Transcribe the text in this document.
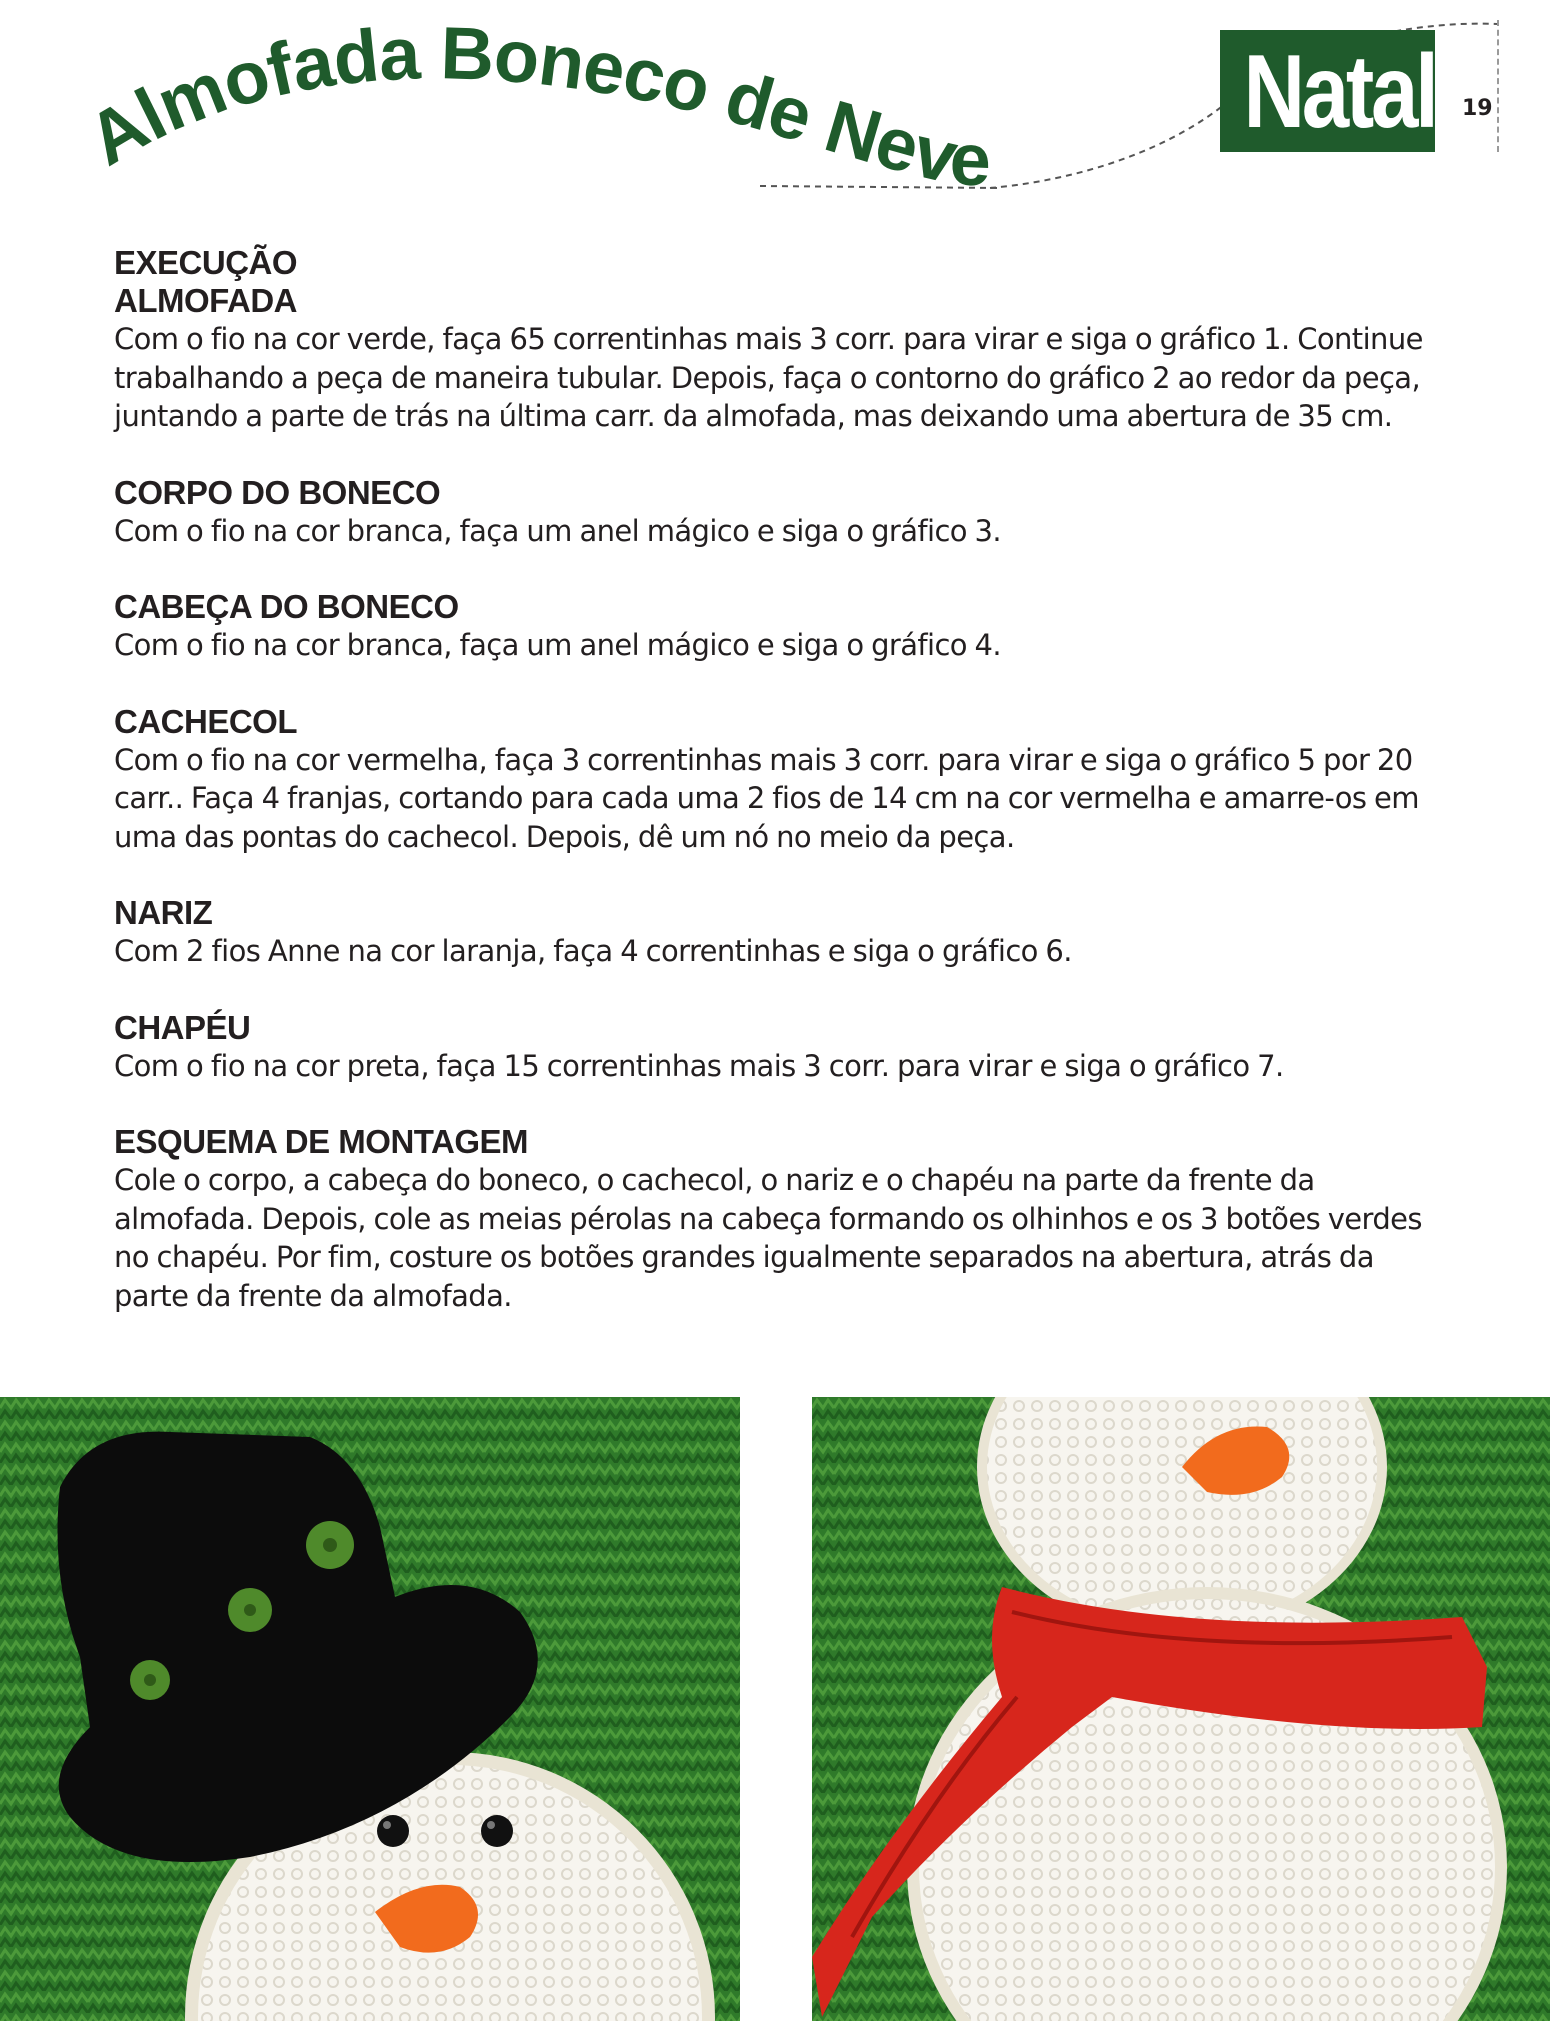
Almofada Boneco de Neve
Natal 19

EXECUÇÃO

ALMOFADA

Com o fio na cor verde, faça 65 correntinhas mais 3 corr. para virar e siga o gráfico 1. Continue trabalhando a peça de maneira tubular. Depois, faça o contorno do gráfico 2 ao redor da peça, juntando a parte de trás na última carr. da almofada, mas deixando uma abertura de 35 cm.

CORPO DO BONECO

Com o fio na cor branca, faça um anel mágico e siga o gráfico 3.

CABEÇA DO BONECO

Com o fio na cor branca, faça um anel mágico e siga o gráfico 4.

CACHECOL

Com o fio na cor vermelha, faça 3 correntinhas mais 3 corr. para virar e siga o gráfico 5 por 20 carr.. Faça 4 franjas, cortando para cada uma 2 fios de 14 cm na cor vermelha e amarre-os em uma das pontas do cachecol. Depois, dê um nó no meio da peça.

NARIZ

Com 2 fios Anne na cor laranja, faça 4 correntinhas e siga o gráfico 6.

CHAPÉU

Com o fio na cor preta, faça 15 correntinhas mais 3 corr. para virar e siga o gráfico 7.

ESQUEMA DE MONTAGEM

Cole o corpo, a cabeça do boneco, o cachecol, o nariz e o chapéu na parte da frente da almofada. Depois, cole as meias pérolas na cabeça formando os olhinhos e os 3 botões verdes no chapéu. Por fim, costure os botões grandes igualmente separados na abertura, atrás da parte da frente da almofada.
